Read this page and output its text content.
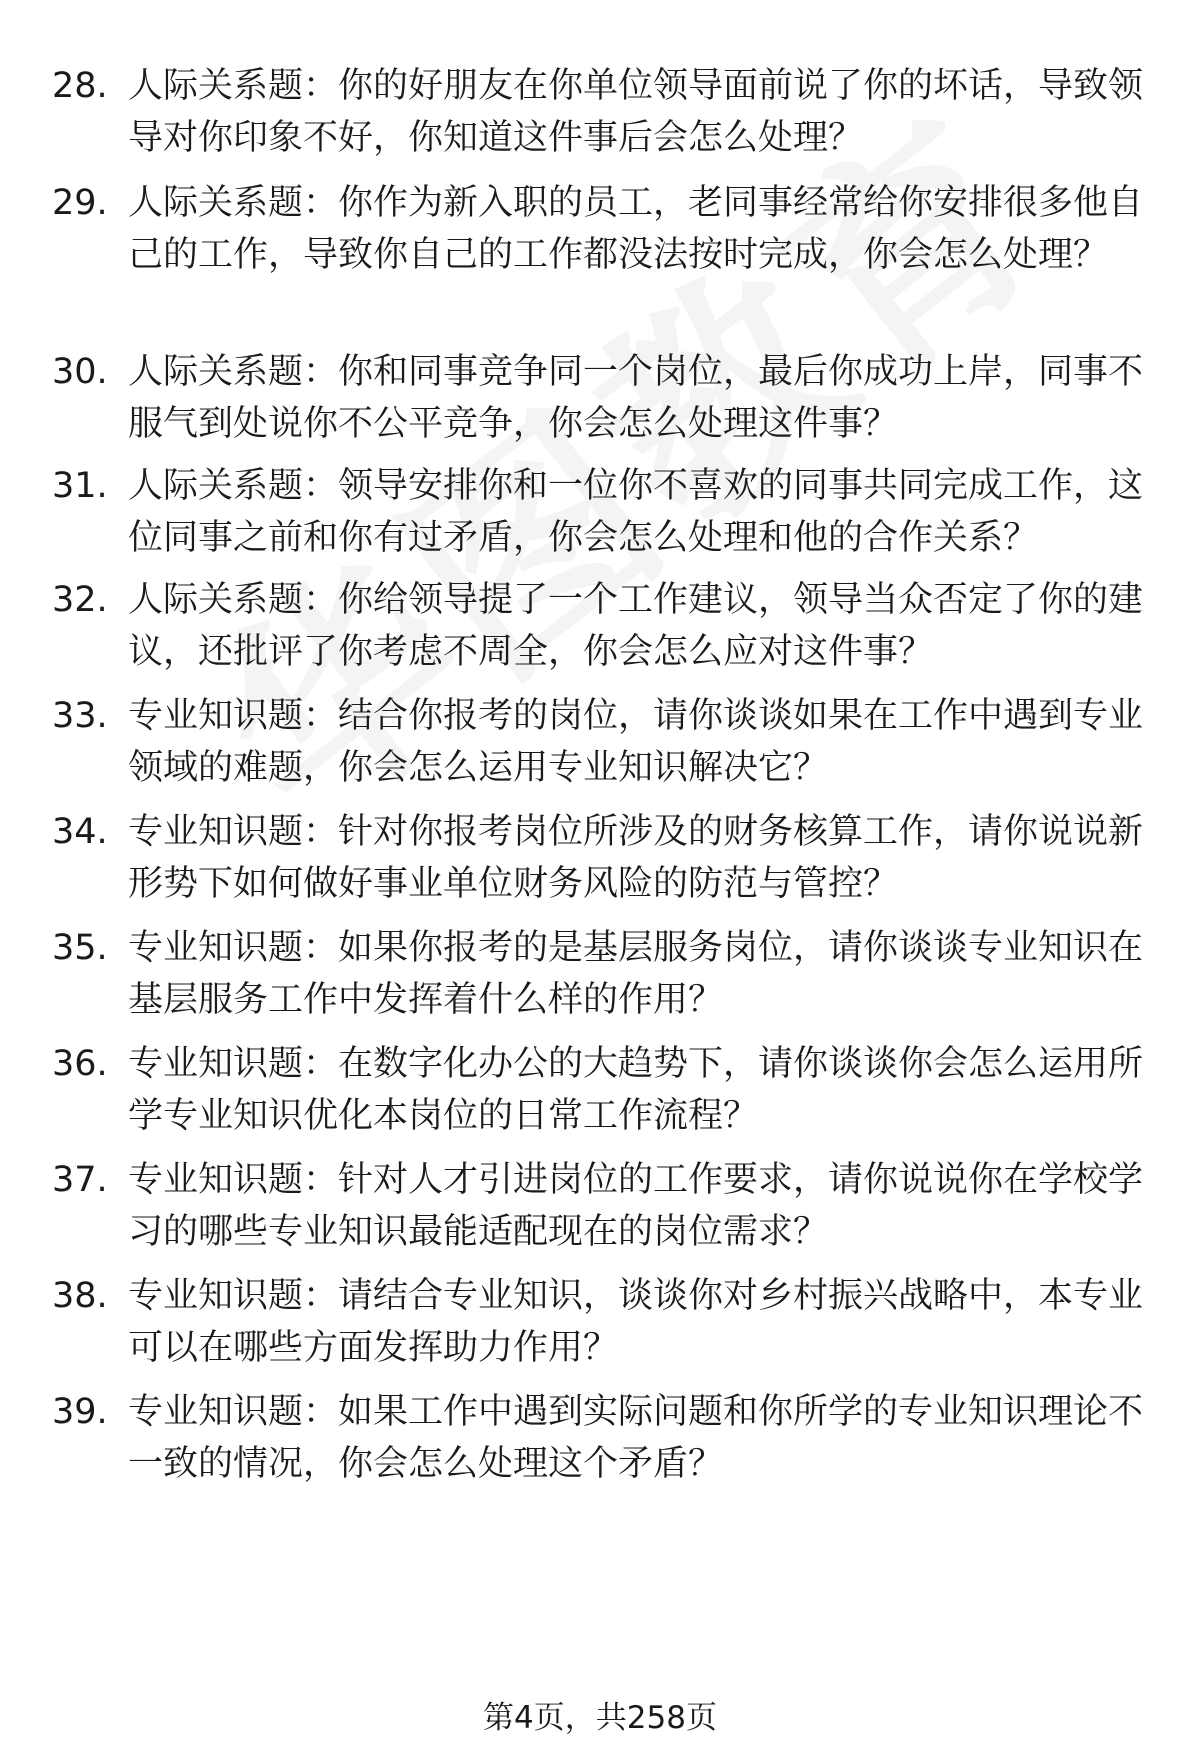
28. 人际关系题：你的好朋友在你单位领导面前说了你的坏话，导致领导对你印象不好，你知道这件事后会怎么处理？
29. 人际关系题：你作为新入职的员工，老同事经常给你安排很多他自己的工作，导致你自己的工作都没法按时完成，你会怎么处理？
30. 人际关系题：你和同事竞争同一个岗位，最后你成功上岸，同事不服气到处说你不公平竞争，你会怎么处理这件事？
31. 人际关系题：领导安排你和一位你不喜欢的同事共同完成工作，这位同事之前和你有过矛盾，你会怎么处理和他的合作关系？
32. 人际关系题：你给领导提了一个工作建议，领导当众否定了你的建议，还批评了你考虑不周全，你会怎么应对这件事？
33. 专业知识题：结合你报考的岗位，请你谈谈如果在工作中遇到专业领域的难题，你会怎么运用专业知识解决它？
34. 专业知识题：针对你报考岗位所涉及的财务核算工作，请你说说新形势下如何做好事业单位财务风险的防范与管控？
35. 专业知识题：如果你报考的是基层服务岗位，请你谈谈专业知识在基层服务工作中发挥着什么样的作用？
36. 专业知识题：在数字化办公的大趋势下，请你谈谈你会怎么运用所学专业知识优化本岗位的日常工作流程？
37. 专业知识题：针对人才引进岗位的工作要求，请你说说你在学校学习的哪些专业知识最能适配现在的岗位需求？
38. 专业知识题：请结合专业知识，谈谈你对乡村振兴战略中，本专业可以在哪些方面发挥助力作用？
39. 专业知识题：如果工作中遇到实际问题和你所学的专业知识理论不一致的情况，你会怎么处理这个矛盾？
第4页，共258页
